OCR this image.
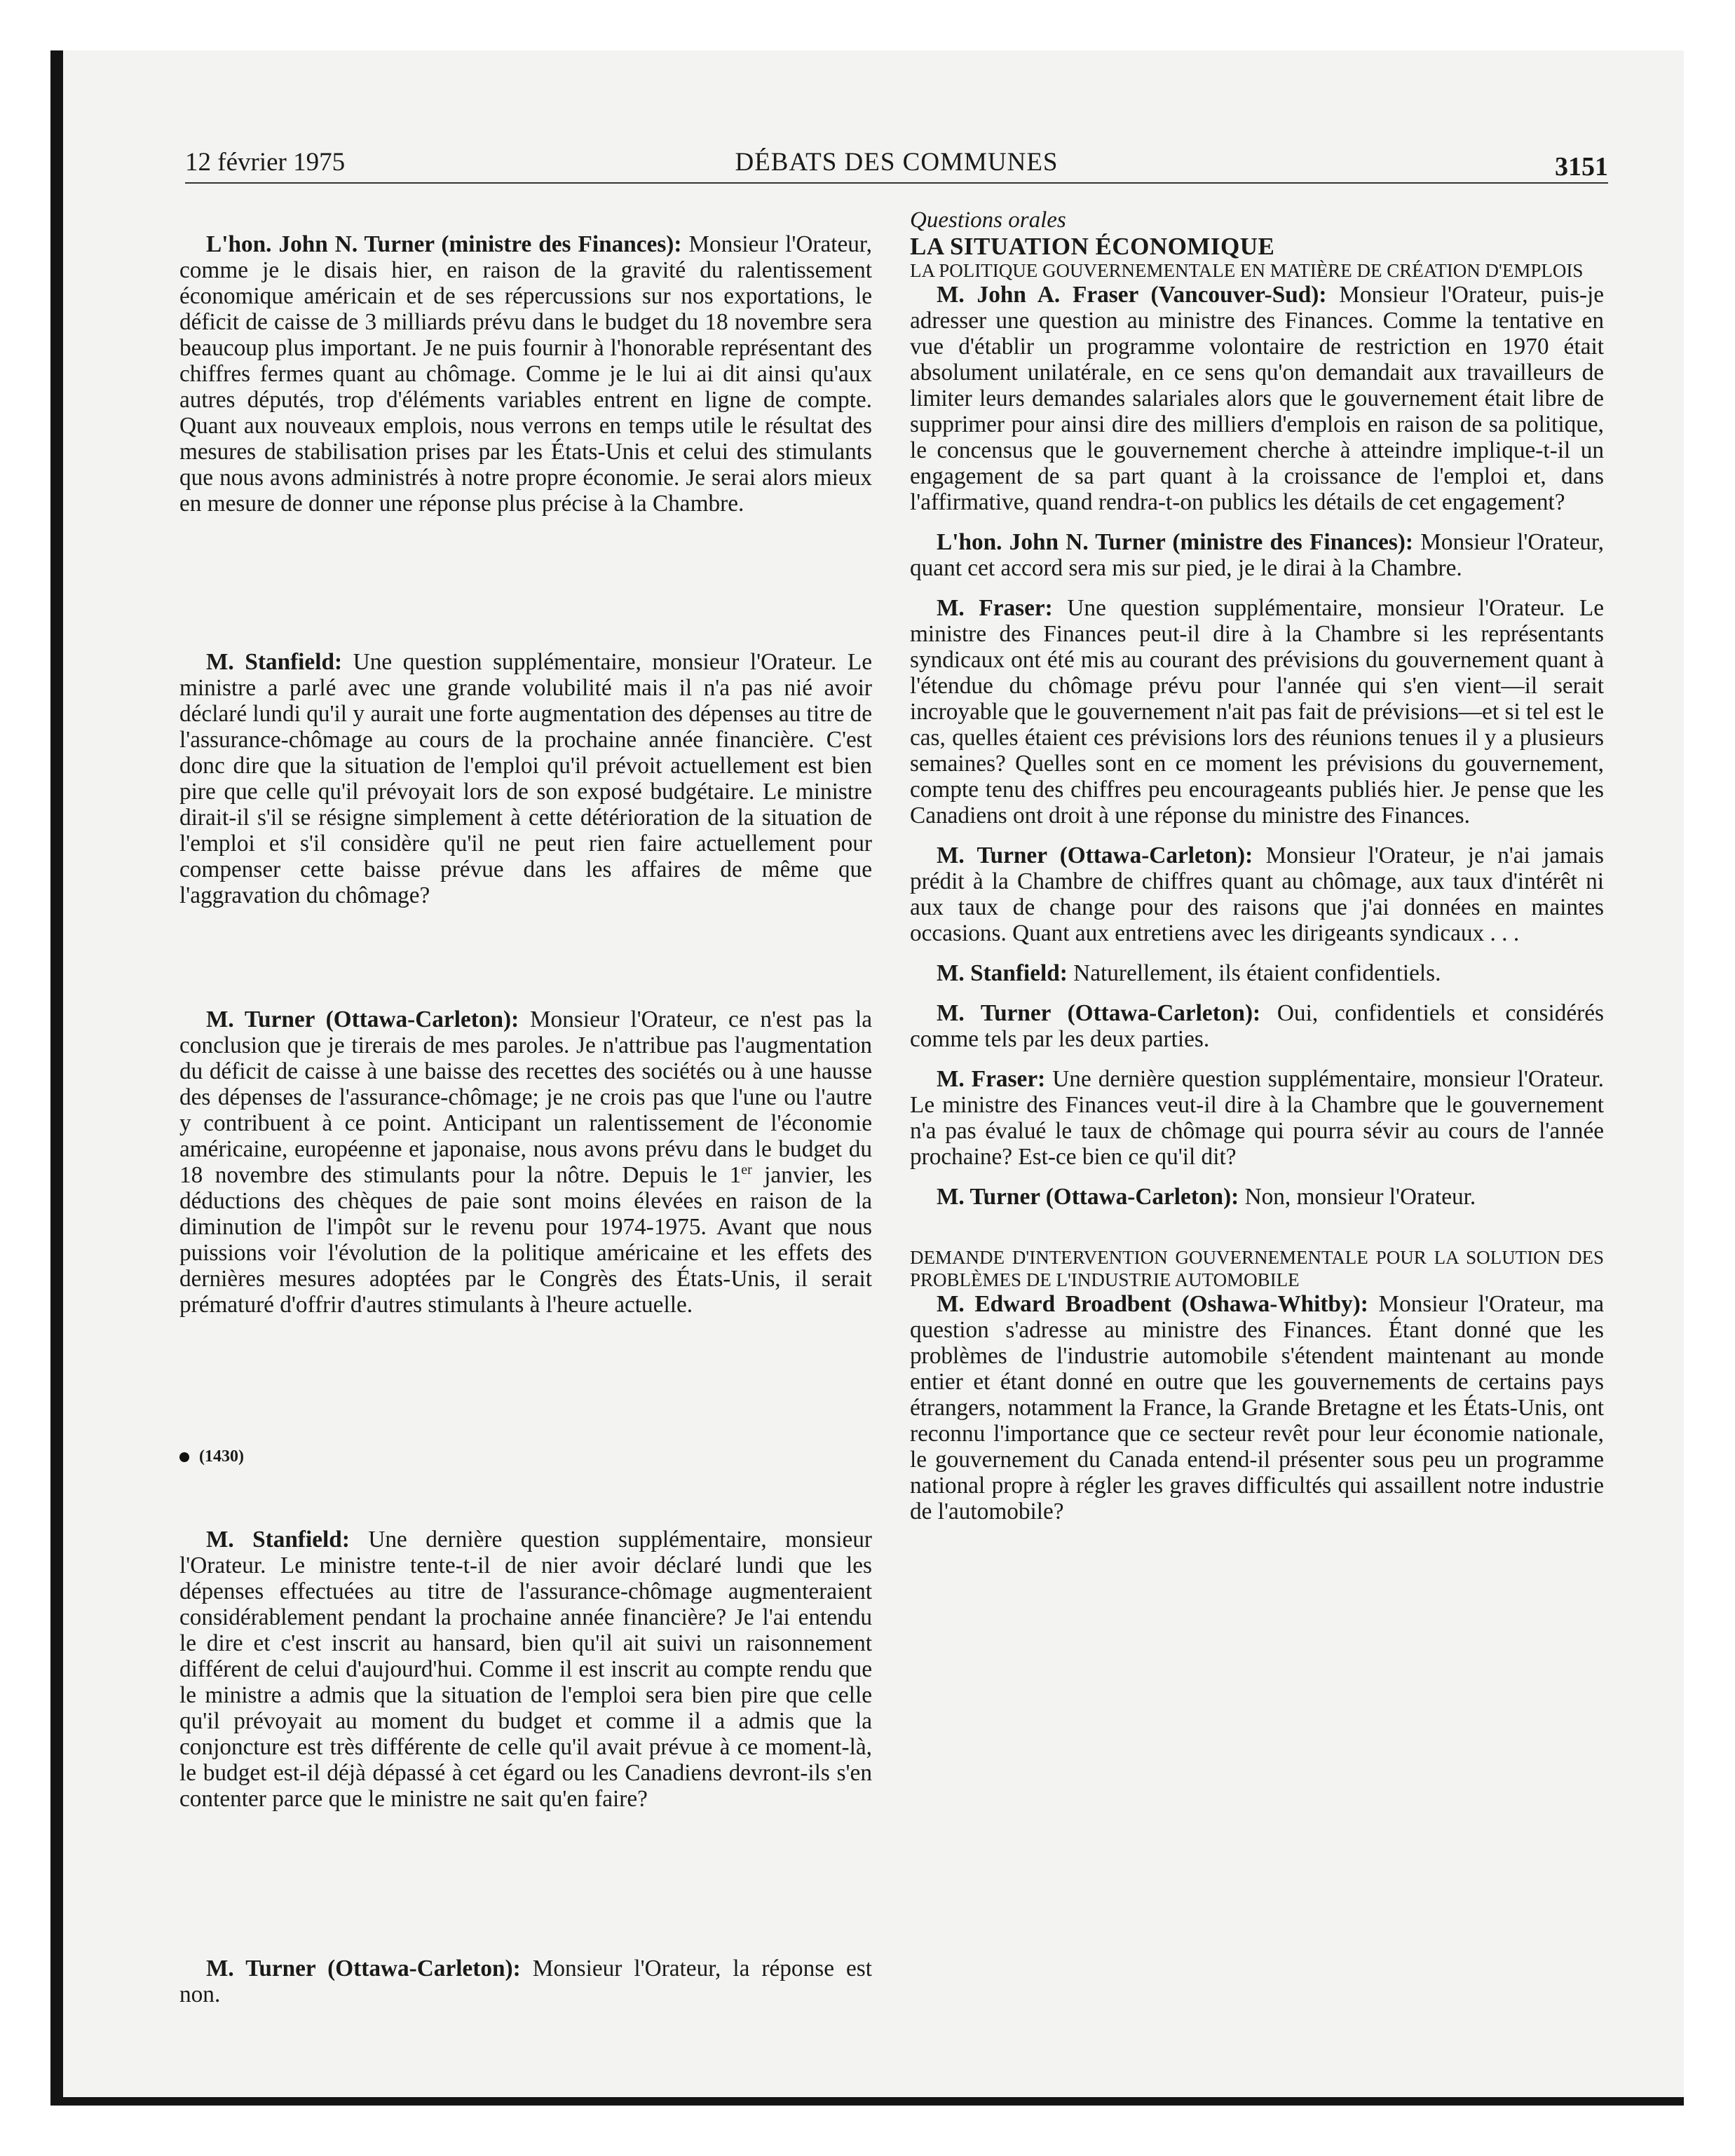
12 février 1975	DÉBATS DES COMMUNES	3151

L'hon. John N. Turner (ministre des Finances): Monsieur l'Orateur, comme je le disais hier, en raison de la gravité du ralentissement économique américain et de ses répercussions sur nos exportations, le déficit de caisse de 3 milliards prévu dans le budget du 18 novembre sera beaucoup plus important. Je ne puis fournir à l'honorable représentant des chiffres fermes quant au chômage. Comme je le lui ai dit ainsi qu'aux autres députés, trop d'éléments variables entrent en ligne de compte. Quant aux nouveaux emplois, nous verrons en temps utile le résultat des mesures de stabilisation prises par les États-Unis et celui des stimulants que nous avons administrés à notre propre économie. Je serai alors mieux en mesure de donner une réponse plus précise à la Chambre.

M. Stanfield: Une question supplémentaire, monsieur l'Orateur. Le ministre a parlé avec une grande volubilité mais il n'a pas nié avoir déclaré lundi qu'il y aurait une forte augmentation des dépenses au titre de l'assurance-chômage au cours de la prochaine année financière. C'est donc dire que la situation de l'emploi qu'il prévoit actuellement est bien pire que celle qu'il prévoyait lors de son exposé budgétaire. Le ministre dirait-il s'il se résigne simplement à cette détérioration de la situation de l'emploi et s'il considère qu'il ne peut rien faire actuellement pour compenser cette baisse prévue dans les affaires de même que l'aggravation du chômage?

M. Turner (Ottawa-Carleton): Monsieur l'Orateur, ce n'est pas la conclusion que je tirerais de mes paroles. Je n'attribue pas l'augmentation du déficit de caisse à une baisse des recettes des sociétés ou à une hausse des dépenses de l'assurance-chômage; je ne crois pas que l'une ou l'autre y contribuent à ce point. Anticipant un ralentissement de l'économie américaine, européenne et japonaise, nous avons prévu dans le budget du 18 novembre des stimulants pour la nôtre. Depuis le 1er janvier, les déductions des chèques de paie sont moins élevées en raison de la diminution de l'impôt sur le revenu pour 1974-1975. Avant que nous puissions voir l'évolution de la politique américaine et les effets des dernières mesures adoptées par le Congrès des États-Unis, il serait prématuré d'offrir d'autres stimulants à l'heure actuelle.

(1430)

M. Stanfield: Une dernière question supplémentaire, monsieur l'Orateur. Le ministre tente-t-il de nier avoir déclaré lundi que les dépenses effectuées au titre de l'assurance-chômage augmenteraient considérablement pendant la prochaine année financière? Je l'ai entendu le dire et c'est inscrit au hansard, bien qu'il ait suivi un raisonnement différent de celui d'aujourd'hui. Comme il est inscrit au compte rendu que le ministre a admis que la situation de l'emploi sera bien pire que celle qu'il prévoyait au moment du budget et comme il a admis que la conjoncture est très différente de celle qu'il avait prévue à ce moment-là, le budget est-il déjà dépassé à cet égard ou les Canadiens devront-ils s'en contenter parce que le ministre ne sait qu'en faire?

M. Turner (Ottawa-Carleton): Monsieur l'Orateur, la réponse est non.

Questions orales

LA SITUATION ÉCONOMIQUE

LA POLITIQUE GOUVERNEMENTALE EN MATIÈRE DE CRÉATION D'EMPLOIS

M. John A. Fraser (Vancouver-Sud): Monsieur l'Orateur, puis-je adresser une question au ministre des Finances. Comme la tentative en vue d'établir un programme volontaire de restriction en 1970 était absolument unilatérale, en ce sens qu'on demandait aux travailleurs de limiter leurs demandes salariales alors que le gouvernement était libre de supprimer pour ainsi dire des milliers d'emplois en raison de sa politique, le concensus que le gouvernement cherche à atteindre implique-t-il un engagement de sa part quant à la croissance de l'emploi et, dans l'affirmative, quand rendra-t-on publics les détails de cet engagement?

L'hon. John N. Turner (ministre des Finances): Monsieur l'Orateur, quant cet accord sera mis sur pied, je le dirai à la Chambre.

M. Fraser: Une question supplémentaire, monsieur l'Orateur. Le ministre des Finances peut-il dire à la Chambre si les représentants syndicaux ont été mis au courant des prévisions du gouvernement quant à l'étendue du chômage prévu pour l'année qui s'en vient—il serait incroyable que le gouvernement n'ait pas fait de prévisions—et si tel est le cas, quelles étaient ces prévisions lors des réunions tenues il y a plusieurs semaines? Quelles sont en ce moment les prévisions du gouvernement, compte tenu des chiffres peu encourageants publiés hier. Je pense que les Canadiens ont droit à une réponse du ministre des Finances.

M. Turner (Ottawa-Carleton): Monsieur l'Orateur, je n'ai jamais prédit à la Chambre de chiffres quant au chômage, aux taux d'intérêt ni aux taux de change pour des raisons que j'ai données en maintes occasions. Quant aux entretiens avec les dirigeants syndicaux . . .

M. Stanfield: Naturellement, ils étaient confidentiels.

M. Turner (Ottawa-Carleton): Oui, confidentiels et considérés comme tels par les deux parties.

M. Fraser: Une dernière question supplémentaire, monsieur l'Orateur. Le ministre des Finances veut-il dire à la Chambre que le gouvernement n'a pas évalué le taux de chômage qui pourra sévir au cours de l'année prochaine? Est-ce bien ce qu'il dit?

M. Turner (Ottawa-Carleton): Non, monsieur l'Orateur.

DEMANDE D'INTERVENTION GOUVERNEMENTALE POUR LA SOLUTION DES PROBLÈMES DE L'INDUSTRIE AUTOMOBILE

M. Edward Broadbent (Oshawa-Whitby): Monsieur l'Orateur, ma question s'adresse au ministre des Finances. Étant donné que les problèmes de l'industrie automobile s'étendent maintenant au monde entier et étant donné en outre que les gouvernements de certains pays étrangers, notamment la France, la Grande Bretagne et les États-Unis, ont reconnu l'importance que ce secteur revêt pour leur économie nationale, le gouvernement du Canada entend-il présenter sous peu un programme national propre à régler les graves difficultés qui assaillent notre industrie de l'automobile?
